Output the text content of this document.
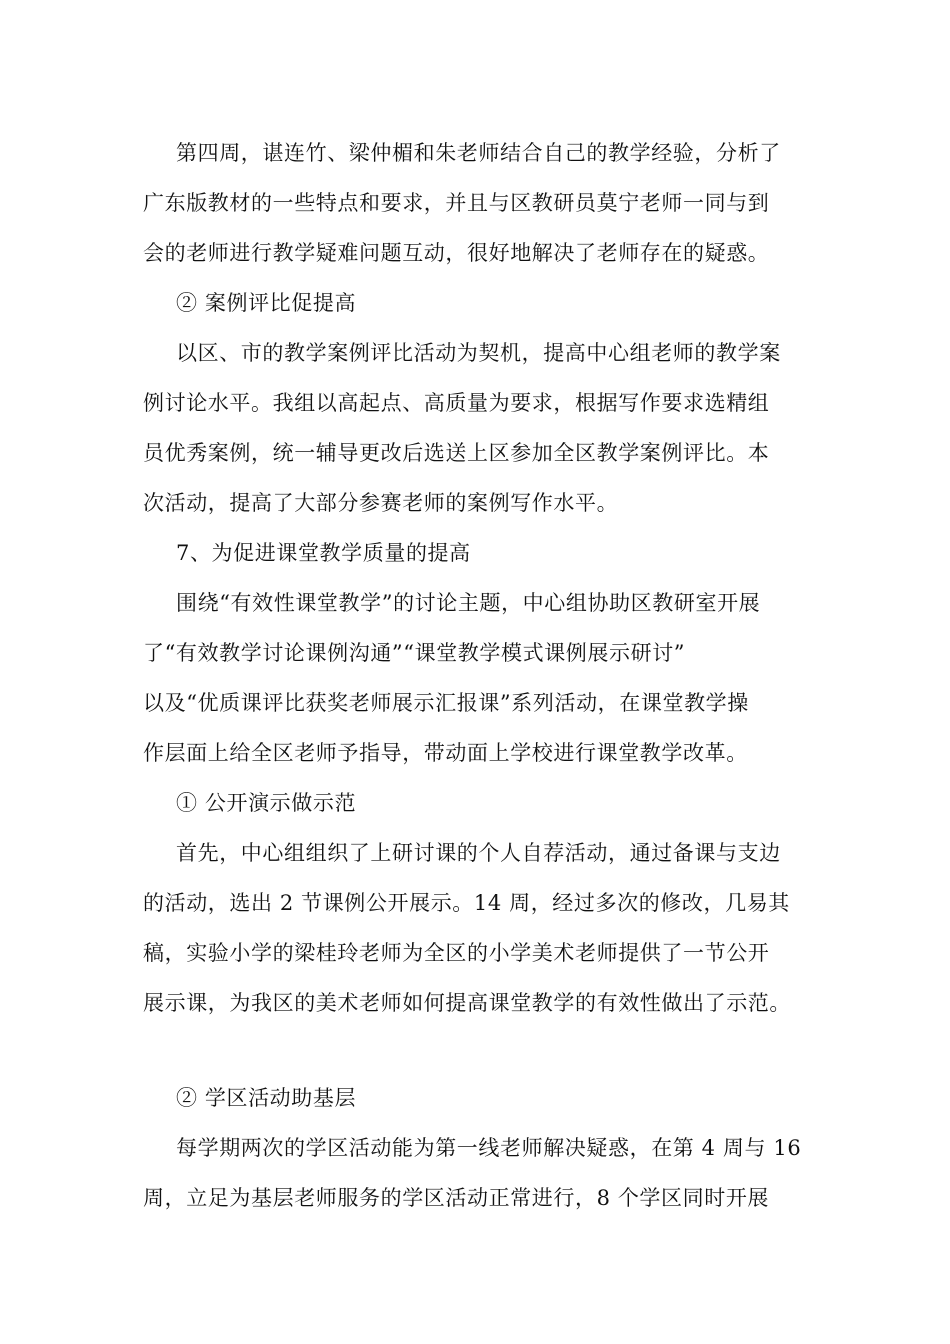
第四周，谌连竹、梁仲楣和朱老师结合自己的教学经验，分析了
广东版教材的一些特点和要求，并且与区教研员莫宁老师一同与到
会的老师进行教学疑难问题互动，很好地解决了老师存在的疑惑。
② 案例评比促提高
以区、市的教学案例评比活动为契机，提高中心组老师的教学案
例讨论水平。我组以高起点、高质量为要求，根据写作要求选精组
员优秀案例，统一辅导更改后选送上区参加全区教学案例评比。本
次活动，提高了大部分参赛老师的案例写作水平。
7、为促进课堂教学质量的提高
围绕“有效性课堂教学”的讨论主题，中心组协助区教研室开展
了“有效教学讨论课例沟通”“课堂教学模式课例展示研讨”
以及“优质课评比获奖老师展示汇报课”系列活动，在课堂教学操
作层面上给全区老师予指导，带动面上学校进行课堂教学改革。
① 公开演示做示范
首先，中心组组织了上研讨课的个人自荐活动，通过备课与支边
的活动，选出 2 节课例公开展示。14 周，经过多次的修改，几易其
稿，实验小学的梁桂玲老师为全区的小学美术老师提供了一节公开
展示课，为我区的美术老师如何提高课堂教学的有效性做出了示范。
② 学区活动助基层
每学期两次的学区活动能为第一线老师解决疑惑，在第 4 周与 16
周，立足为基层老师服务的学区活动正常进行，8 个学区同时开展
